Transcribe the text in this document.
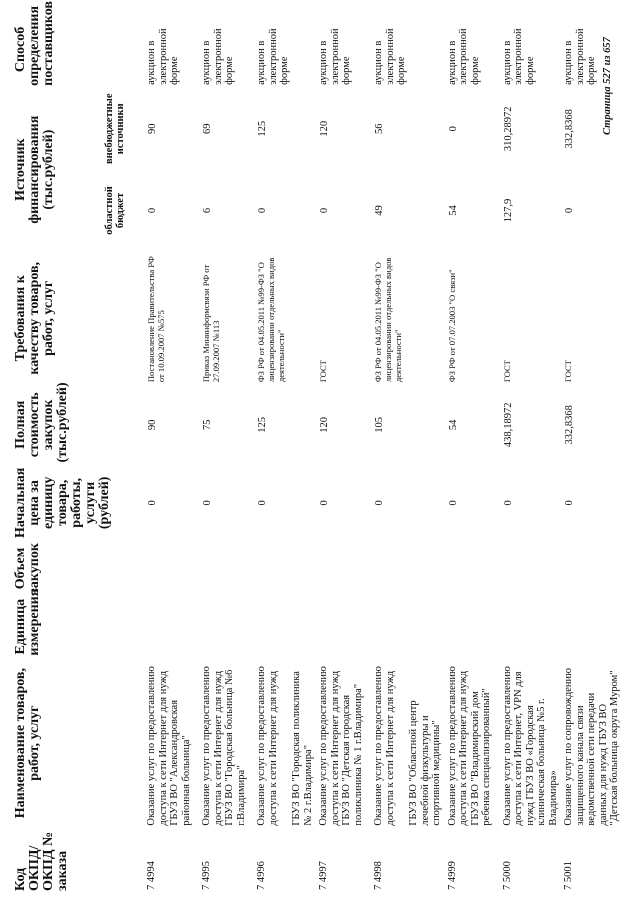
Код ОКПД/ ОКПД № заказа	Наименование товаров, работ, услуг	Единица измерения	Объем закупок	Начальная цена за единицу товара, работы, услуги (рублей)	Полная стоимость закупок (тыс.рублей)	Требования к качеству товаров, работ, услуг	Источник финансирования (тыс.рублей)		Способ определения поставщиков
							областной бюджет	внебюджетные источники	
7 4994	Оказание услуг по предоставлению доступа к сети Интернет для нужд ГБУЗ ВО "Александровская районная больница"			0	90	Постановление Правительства РФ от 10.09.2007 №575	0	90	аукцион в электронной форме
7 4995	Оказание услуг по предоставлению доступа к сети Интернет для нужд ГБУЗ ВО "Городская больница №6 г.Владимира"			0	75	Приказ Мининформсвязи РФ от 27.09.2007 №113	6	69	аукцион в электронной форме
7 4996	Оказание услуг по предоставлению доступа к сети Интернет для нужд ГБУЗ ВО "Городская поликлиника № 2 г.Владимира"			0	125	ФЗ РФ от 04.05.2011 №99-ФЗ "О лицензировании отдельных видов деятельности"	0	125	аукцион в электронной форме
7 4997	Оказание услуг по предоставлению доступа к сети Интернет для нужд ГБУЗ ВО "Детская городская поликлиника № 1 г.Владимира"			0	120	ГОСТ	0	120	аукцион в электронной форме
7 4998	Оказание услуг по предоставлению доступа к сети Интернет для нужд ГБУЗ ВО "Областной центр лечебной физкультуры и спортивной медицины"			0	105	ФЗ РФ от 04.05.2011 №99-ФЗ "О лицензировании отдельных видов деятельности"	49	56	аукцион в электронной форме
7 4999	Оказание услуг по предоставлению доступа к сети Интернет для нужд ГБУЗ ВО "Владимирский дом ребенка специализированный"			0	54	ФЗ РФ от 07.07.2003 "О связи"	54	0	аукцион в электронной форме
7 5000	Оказание услуг по предоставлению доступа к сети Интернет, VPN для нужд ГБУЗ ВО «Городская клиническая больница №5 г. Владимира»			0	438,18972	ГОСТ	127,9	310,28972	аукцион в электронной форме
7 5001	Оказание услуг по сопровождению защищенного канала связи ведомственной сети передачи данных для нужд ГБУЗ ВО "Детская больница округа Муром"			0	332,8368	ГОСТ	0	332,8368	аукцион в электронной форме Страница 527 из 657
